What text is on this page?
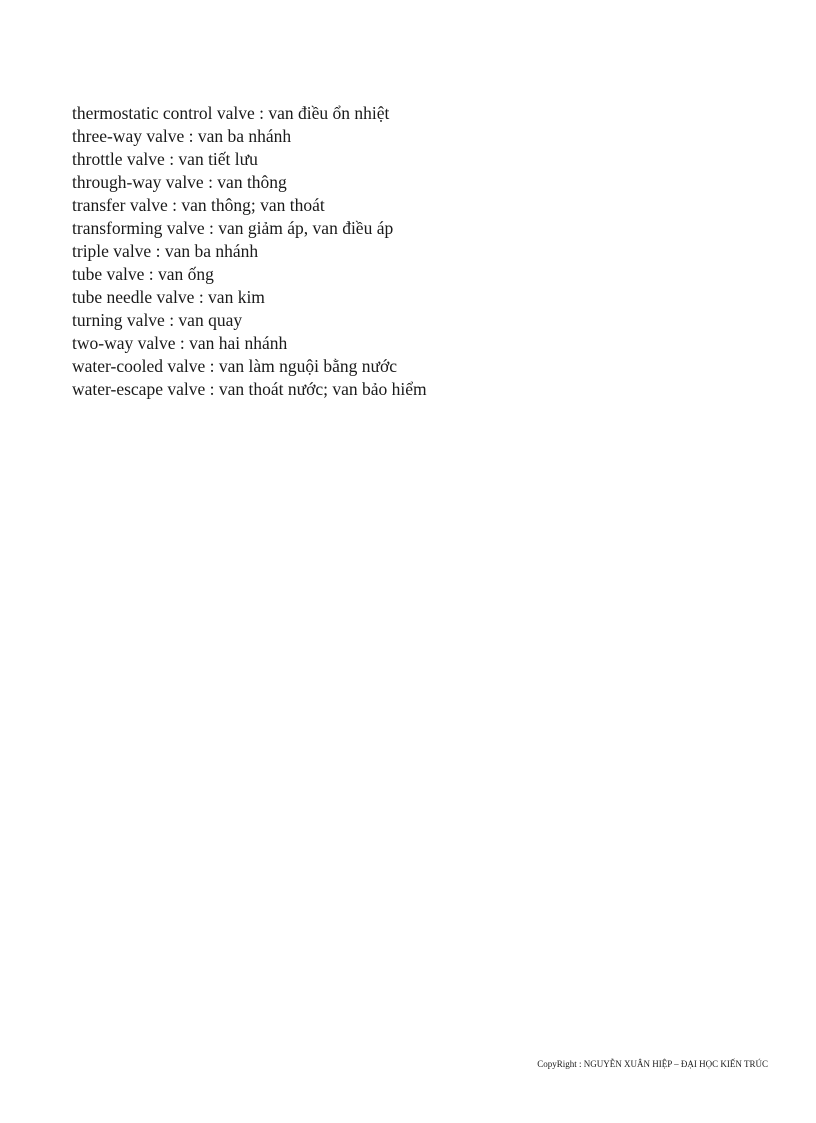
thermostatic control valve : van điều ổn nhiệt
three-way valve : van ba nhánh
throttle valve : van tiết lưu
through-way valve : van thông
transfer valve : van thông; van thoát
transforming valve : van giảm áp, van điều áp
triple valve : van ba nhánh
tube valve : van ống
tube needle valve : van kim
turning valve : van quay
two-way valve : van hai nhánh
water-cooled valve : van làm nguội bằng nước
water-escape valve : van thoát nước; van bảo hiểm
CopyRight : NGUYỄN XUÂN HIỆP – ĐẠI HỌC KIẾN TRÚC
